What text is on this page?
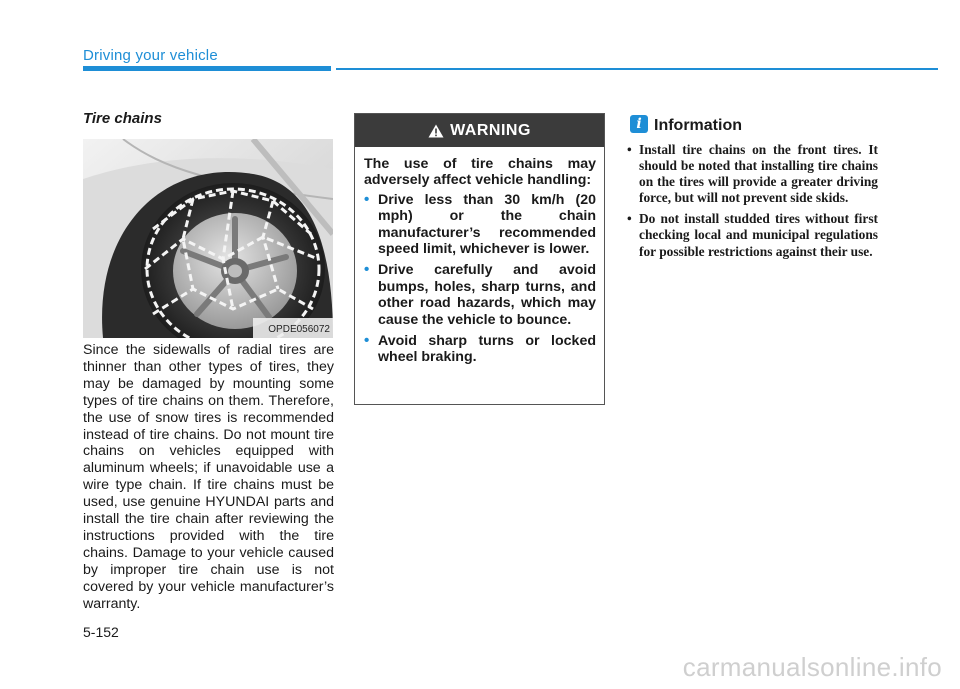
Driving your vehicle
Tire chains
OPDE056072
Since the sidewalls of radial tires are thinner than other types of tires, they may be damaged by mounting some types of tire chains on them. Therefore, the use of snow tires is recommended instead of tire chains. Do not mount tire chains on vehicles equipped with aluminum wheels; if unavoidable use a wire type chain. If tire chains must be used, use genuine HYUNDAI parts and install the tire chain after reviewing the instructions provided with the tire chains. Damage to your vehicle caused by improper tire chain use is not covered by your vehicle manufacturer’s warranty.
WARNING

The use of tire chains may adversely affect vehicle handling:

• Drive less than 30 km/h (20 mph) or the chain manufacturer’s recommended speed limit, whichever is lower.
• Drive carefully and avoid bumps, holes, sharp turns, and other road hazards, which may cause the vehicle to bounce.
• Avoid sharp turns or locked wheel braking.
i Information
• Install tire chains on the front tires. It should be noted that installing tire chains on the tires will provide a greater driving force, but will not prevent side skids.
• Do not install studded tires without first checking local and municipal regulations for possible restrictions against their use.
5-152
carmanualsonline.info
